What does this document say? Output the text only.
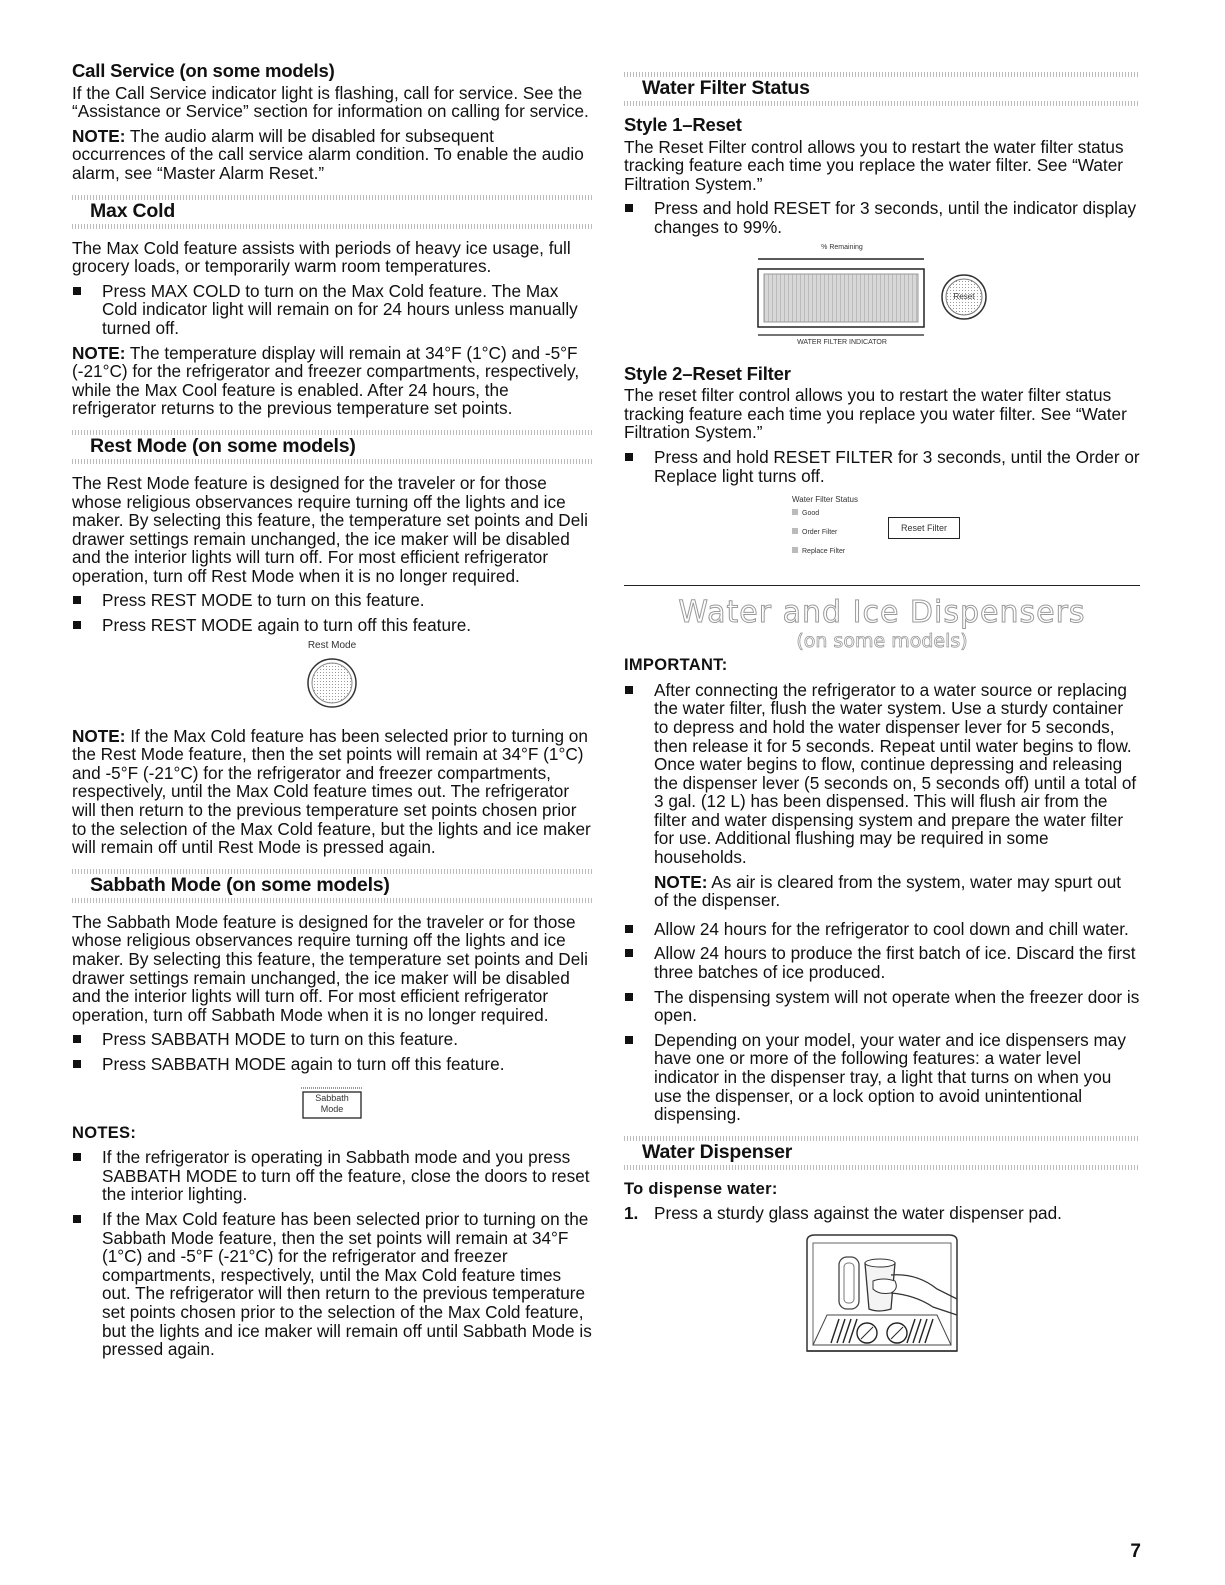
Call Service (on some models)

If the Call Service indicator light is flashing, call for service. See the “Assistance or Service” section for information on calling for service.

NOTE: The audio alarm will be disabled for subsequent occurrences of the call service alarm condition. To enable the audio alarm, see “Master Alarm Reset.”

Max Cold

The Max Cold feature assists with periods of heavy ice usage, full grocery loads, or temporarily warm room temperatures.

Press MAX COLD to turn on the Max Cold feature. The Max Cold indicator light will remain on for 24 hours unless manually turned off.

NOTE: The temperature display will remain at 34°F (1°C) and -5°F (-21°C) for the refrigerator and freezer compartments, respectively, while the Max Cool feature is enabled. After 24 hours, the refrigerator returns to the previous temperature set points.

Rest Mode (on some models)

The Rest Mode feature is designed for the traveler or for those whose religious observances require turning off the lights and ice maker. By selecting this feature, the temperature set points and Deli drawer settings remain unchanged, the ice maker will be disabled and the interior lights will turn off. For most efficient refrigerator operation, turn off Rest Mode when it is no longer required.

Press REST MODE to turn on this feature.
Press REST MODE again to turn off this feature.
Rest Mode

NOTE: If the Max Cold feature has been selected prior to turning on the Rest Mode feature, then the set points will remain at 34°F (1°C) and -5°F (-21°C) for the refrigerator and freezer compartments, respectively, until the Max Cold feature times out. The refrigerator will then return to the previous temperature set points chosen prior to the selection of the Max Cold feature, but the lights and ice maker will remain off until Rest Mode is pressed again.

Sabbath Mode (on some models)

The Sabbath Mode feature is designed for the traveler or for those whose religious observances require turning off the lights and ice maker. By selecting this feature, the temperature set points and Deli drawer settings remain unchanged, the ice maker will be disabled and the interior lights will turn off. For most efficient refrigerator operation, turn off Sabbath Mode when it is no longer required.

Press SABBATH MODE to turn on this feature.
Press SABBATH MODE again to turn off this feature.
Sabbath
Mode
NOTES:
If the refrigerator is operating in Sabbath mode and you press SABBATH MODE to turn off the feature, close the doors to reset the interior lighting.
If the Max Cold feature has been selected prior to turning on the Sabbath Mode feature, then the set points will remain at 34°F (1°C) and -5°F (-21°C) for the refrigerator and freezer compartments, respectively, until the Max Cold feature times out. The refrigerator will then return to the previous temperature set points chosen prior to the selection of the Max Cold feature, but the lights and ice maker will remain off until Sabbath Mode is pressed again.
Water Filter Status
Style 1–Reset

The Reset Filter control allows you to restart the water filter status tracking feature each time you replace the water filter. See “Water Filtration System.”

Press and hold RESET for 3 seconds, until the indicator display changes to 99%.
% Remaining
Reset
WATER FILTER INDICATOR
Style 2–Reset Filter

The reset filter control allows you to restart the water filter status tracking feature each time you replace you water filter. See “Water Filtration System.”

Press and hold RESET FILTER for 3 seconds, until the Order or Replace light turns off.
Water Filter Status
Good
Order Filter
Replace Filter
Reset Filter
Water and Ice Dispensers
(on some models)
IMPORTANT:
After connecting the refrigerator to a water source or replacing the water filter, flush the water system. Use a sturdy container to depress and hold the water dispenser lever for 5 seconds, then release it for 5 seconds. Repeat until water begins to flow. Once water begins to flow, continue depressing and releasing the dispenser lever (5 seconds on, 5 seconds off) until a total of 3 gal. (12 L) has been dispensed. This will flush air from the filter and water dispensing system and prepare the water filter for use. Additional flushing may be required in some households.

NOTE: As air is cleared from the system, water may spurt out of the dispenser.

Allow 24 hours for the refrigerator to cool down and chill water.
Allow 24 hours to produce the first batch of ice. Discard the first three batches of ice produced.
The dispensing system will not operate when the freezer door is open.
Depending on your model, your water and ice dispensers may have one or more of the following features: a water level indicator in the dispenser tray, a light that turns on when you use the dispenser, or a lock option to avoid unintentional dispensing.
Water Dispenser
To dispense water:
1. Press a sturdy glass against the water dispenser pad.
7
